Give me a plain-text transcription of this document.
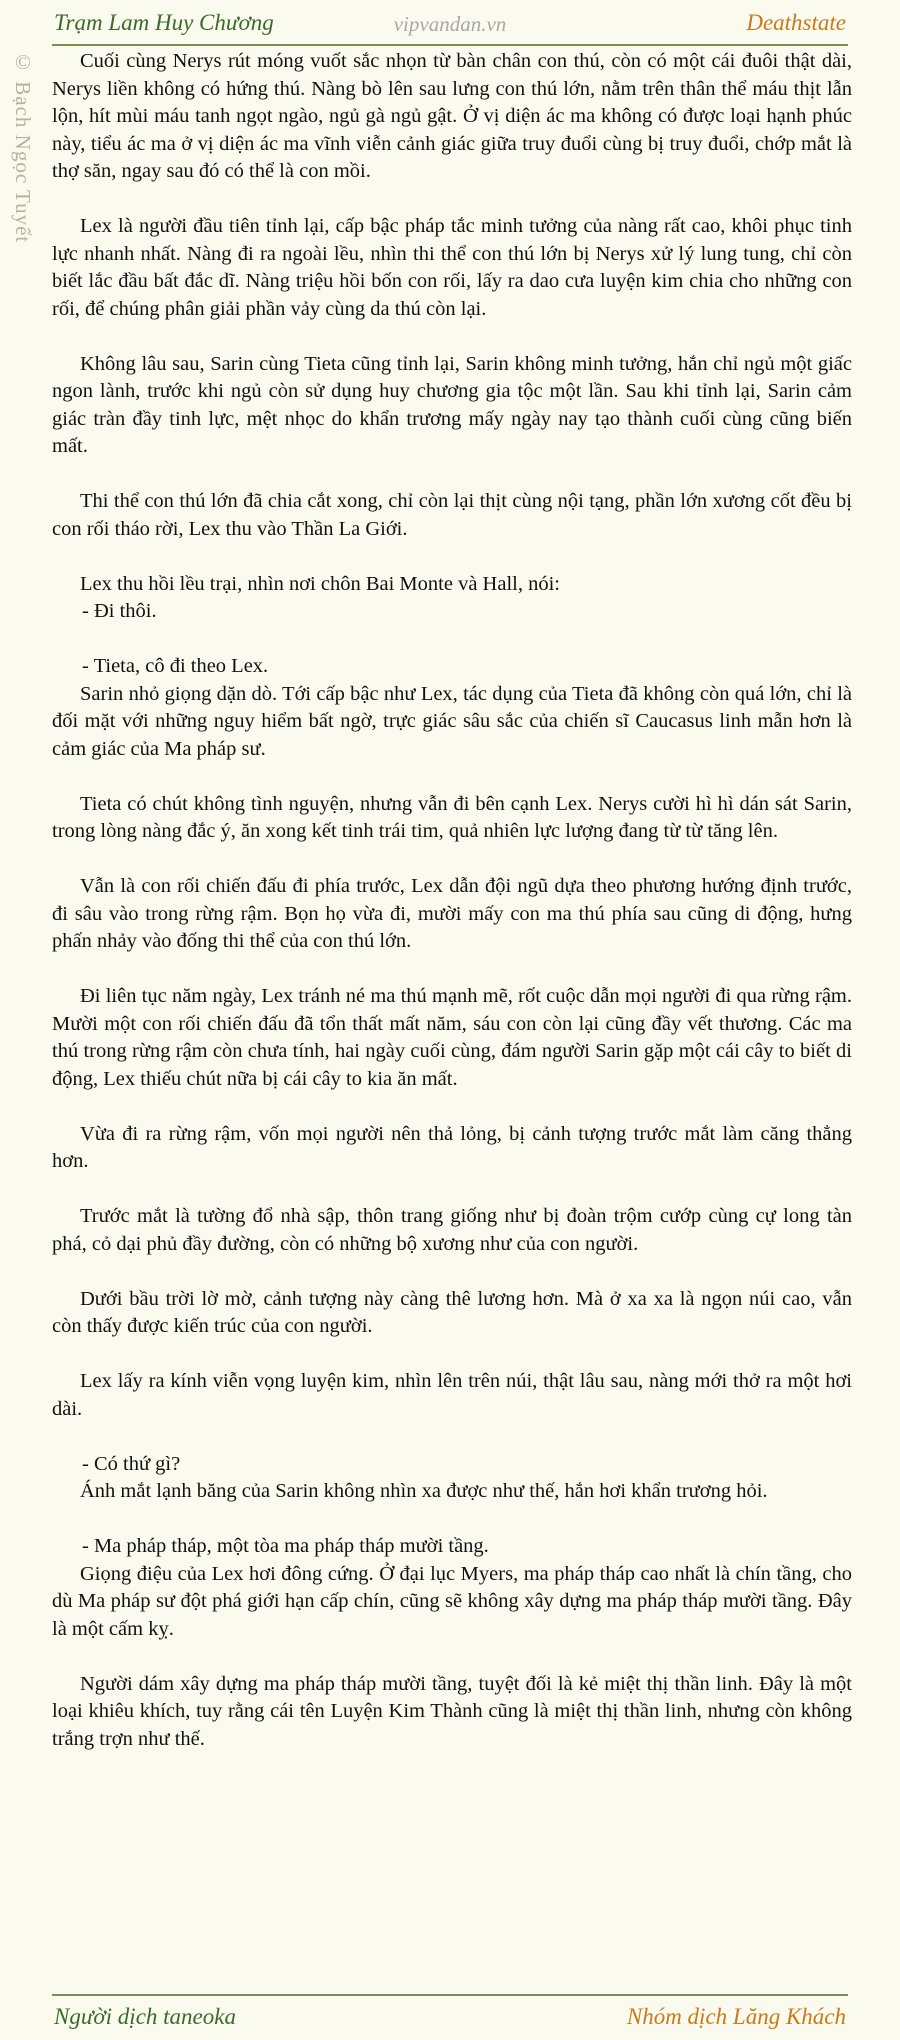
Trạm Lam Huy Chương	vipvandan.vn	Deathstate
© Bạch Ngọc Tuyết	Cuối cùng Nerys rút móng vuốt sắc nhọn từ bàn chân con thú, còn có một cái đuôi thật dài, Nerys liền không có hứng thú. Nàng bò lên sau lưng con thú lớn, nằm trên thân thể máu thịt lẫn lộn, hít mùi máu tanh ngọt ngào, ngủ gà ngủ gật. Ở vị diện ác ma không có được loại hạnh phúc này, tiểu ác ma ở vị diện ác ma vĩnh viễn cảnh giác giữa truy đuổi cùng bị truy đuổi, chớp mắt là thợ săn, ngay sau đó có thể là con mồi.

Lex là người đầu tiên tỉnh lại, cấp bậc pháp tắc minh tưởng của nàng rất cao, khôi phục tinh lực nhanh nhất. Nàng đi ra ngoài lều, nhìn thi thể con thú lớn bị Nerys xử lý lung tung, chỉ còn biết lắc đầu bất đắc dĩ. Nàng triệu hồi bốn con rối, lấy ra dao cưa luyện kim chia cho những con rối, để chúng phân giải phần vảy cùng da thú còn lại.

Không lâu sau, Sarin cùng Tieta cũng tỉnh lại, Sarin không minh tưởng, hắn chỉ ngủ một giấc ngon lành, trước khi ngủ còn sử dụng huy chương gia tộc một lần. Sau khi tỉnh lại, Sarin cảm giác tràn đầy tinh lực, mệt nhọc do khẩn trương mấy ngày nay tạo thành cuối cùng cũng biến mất.

Thi thể con thú lớn đã chia cắt xong, chỉ còn lại thịt cùng nội tạng, phần lớn xương cốt đều bị con rối tháo rời, Lex thu vào Thần La Giới.

Lex thu hồi lều trại, nhìn nơi chôn Bai Monte và Hall, nói:

- Đi thôi.

- Tieta, cô đi theo Lex.

Sarin nhỏ giọng dặn dò. Tới cấp bậc như Lex, tác dụng của Tieta đã không còn quá lớn, chỉ là đối mặt với những nguy hiểm bất ngờ, trực giác sâu sắc của chiến sĩ Caucasus linh mẫn hơn là cảm giác của Ma pháp sư.

Tieta có chút không tình nguyện, nhưng vẫn đi bên cạnh Lex. Nerys cười hì hì dán sát Sarin, trong lòng nàng đắc ý, ăn xong kết tinh trái tim, quả nhiên lực lượng đang từ từ tăng lên.

Vẫn là con rối chiến đấu đi phía trước, Lex dẫn đội ngũ dựa theo phương hướng định trước, đi sâu vào trong rừng rậm. Bọn họ vừa đi, mười mấy con ma thú phía sau cũng di động, hưng phấn nhảy vào đống thi thể của con thú lớn.

Đi liên tục năm ngày, Lex tránh né ma thú mạnh mẽ, rốt cuộc dẫn mọi người đi qua rừng rậm. Mười một con rối chiến đấu đã tổn thất mất năm, sáu con còn lại cũng đầy vết thương. Các ma thú trong rừng rậm còn chưa tính, hai ngày cuối cùng, đám người Sarin gặp một cái cây to biết di động, Lex thiếu chút nữa bị cái cây to kia ăn mất.

Vừa đi ra rừng rậm, vốn mọi người nên thả lỏng, bị cảnh tượng trước mắt làm căng thẳng hơn.

Trước mắt là tường đổ nhà sập, thôn trang giống như bị đoàn trộm cướp cùng cự long tàn phá, cỏ dại phủ đầy đường, còn có những bộ xương như của con người.

Dưới bầu trời lờ mờ, cảnh tượng này càng thê lương hơn. Mà ở xa xa là ngọn núi cao, vẫn còn thấy được kiến trúc của con người.

Lex lấy ra kính viễn vọng luyện kim, nhìn lên trên núi, thật lâu sau, nàng mới thở ra một hơi dài.

- Có thứ gì?

Ánh mắt lạnh băng của Sarin không nhìn xa được như thế, hắn hơi khẩn trương hỏi.

- Ma pháp tháp, một tòa ma pháp tháp mười tầng.

Giọng điệu của Lex hơi đông cứng. Ở đại lục Myers, ma pháp tháp cao nhất là chín tầng, cho dù Ma pháp sư đột phá giới hạn cấp chín, cũng sẽ không xây dựng ma pháp tháp mười tầng. Đây là một cấm kỵ.

Người dám xây dựng ma pháp tháp mười tầng, tuyệt đối là kẻ miệt thị thần linh. Đây là một loại khiêu khích, tuy rằng cái tên Luyện Kim Thành cũng là miệt thị thần linh, nhưng còn không trắng trợn như thế.

Người dịch taneoka	Nhóm dịch Lăng Khách
